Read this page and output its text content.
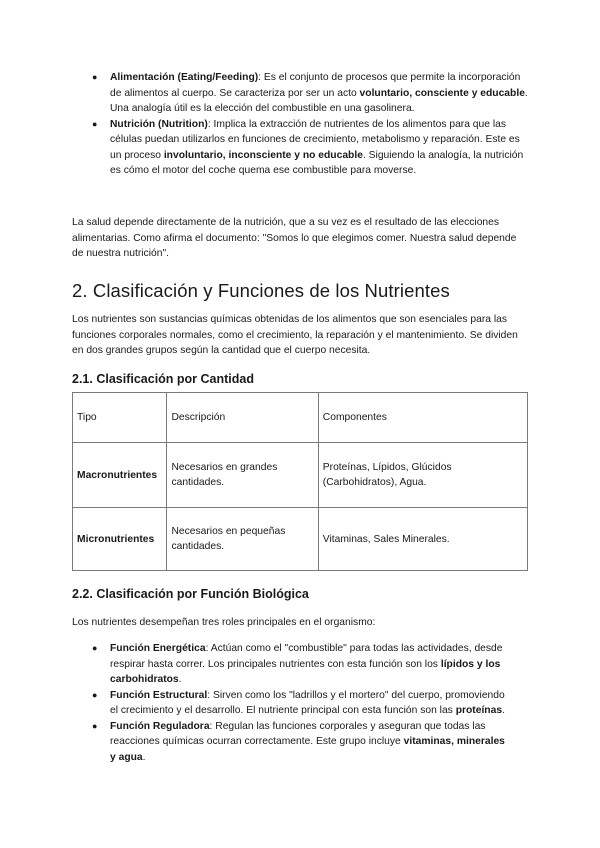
● Alimentación (Eating/Feeding): Es el conjunto de procesos que permite la incorporación de alimentos al cuerpo. Se caracteriza por ser un acto voluntario, consciente y educable. Una analogía útil es la elección del combustible en una gasolinera.
● Nutrición (Nutrition): Implica la extracción de nutrientes de los alimentos para que las células puedan utilizarlos en funciones de crecimiento, metabolismo y reparación. Este es un proceso involuntario, inconsciente y no educable. Siguiendo la analogía, la nutrición es cómo el motor del coche quema ese combustible para moverse.

La salud depende directamente de la nutrición, que a su vez es el resultado de las elecciones alimentarias. Como afirma el documento: "Somos lo que elegimos comer. Nuestra salud depende de nuestra nutrición".

2. Clasificación y Funciones de los Nutrientes

Los nutrientes son sustancias químicas obtenidas de los alimentos que son esenciales para las funciones corporales normales, como el crecimiento, la reparación y el mantenimiento. Se dividen en dos grandes grupos según la cantidad que el cuerpo necesita.

2.1. Clasificación por Cantidad
Tipo	Descripción	Componentes
Macronutrientes	Necesarios en grandes cantidades.	Proteínas, Lípidos, Glúcidos (Carbohidratos), Agua.
Micronutrientes	Necesarios en pequeñas cantidades.	Vitaminas, Sales Minerales.
2.2. Clasificación por Función Biológica

Los nutrientes desempeñan tres roles principales en el organismo:

● Función Energética: Actúan como el "combustible" para todas las actividades, desde respirar hasta correr. Los principales nutrientes con esta función son los lípidos y los carbohidratos.
● Función Estructural: Sirven como los "ladrillos y el mortero" del cuerpo, promoviendo el crecimiento y el desarrollo. El nutriente principal con esta función son las proteínas.
● Función Reguladora: Regulan las funciones corporales y aseguran que todas las reacciones químicas ocurran correctamente. Este grupo incluye vitaminas, minerales y agua.
